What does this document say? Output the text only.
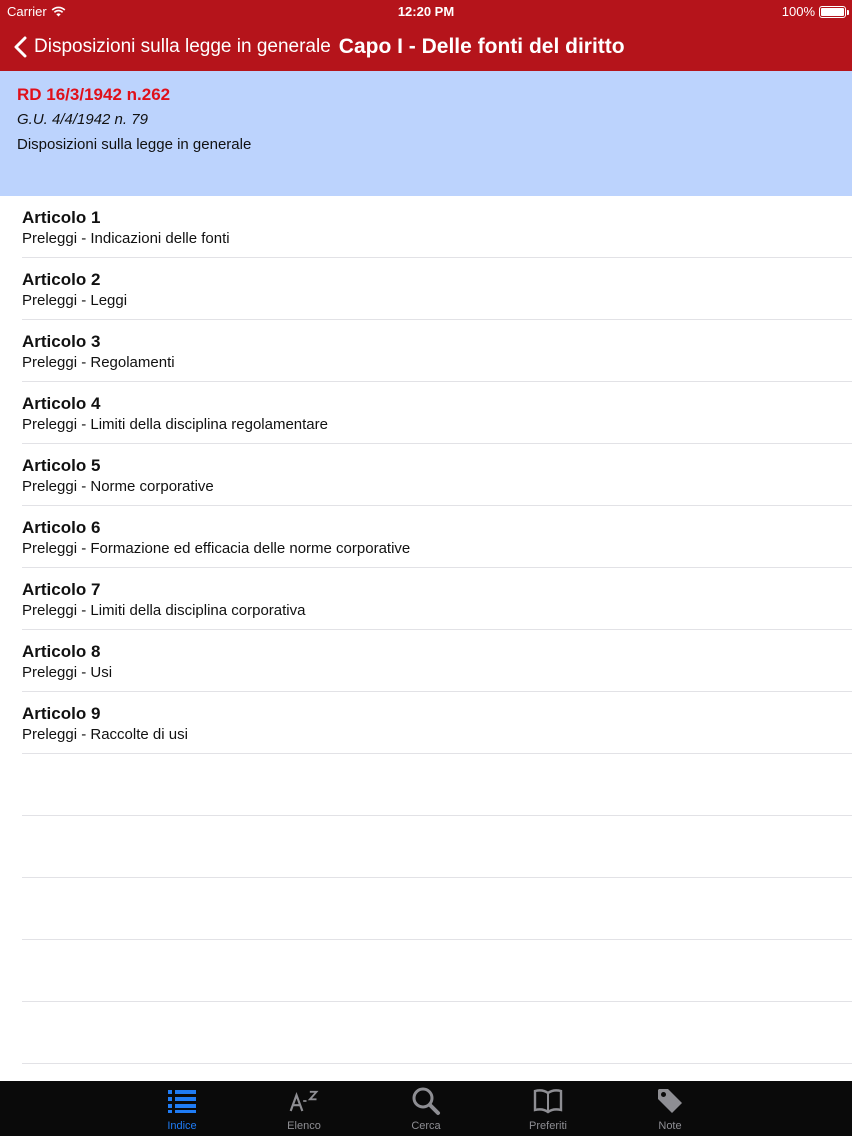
Carrier	12:20 PM	100%
Disposizioni sulla legge in generale Capo I - Delle fonti del diritto
RD 16/3/1942 n.262
G.U. 4/4/1942 n. 79
Disposizioni sulla legge in generale
Articolo 1
Preleggi - Indicazioni delle fonti
Articolo 2
Preleggi - Leggi
Articolo 3
Preleggi - Regolamenti
Articolo 4
Preleggi - Limiti della disciplina regolamentare
Articolo 5
Preleggi - Norme corporative
Articolo 6
Preleggi - Formazione ed efficacia delle norme corporative
Articolo 7
Preleggi - Limiti della disciplina corporativa
Articolo 8
Preleggi - Usi
Articolo 9
Preleggi - Raccolte di usi
Indice	Elenco	Cerca	Preferiti	Note
